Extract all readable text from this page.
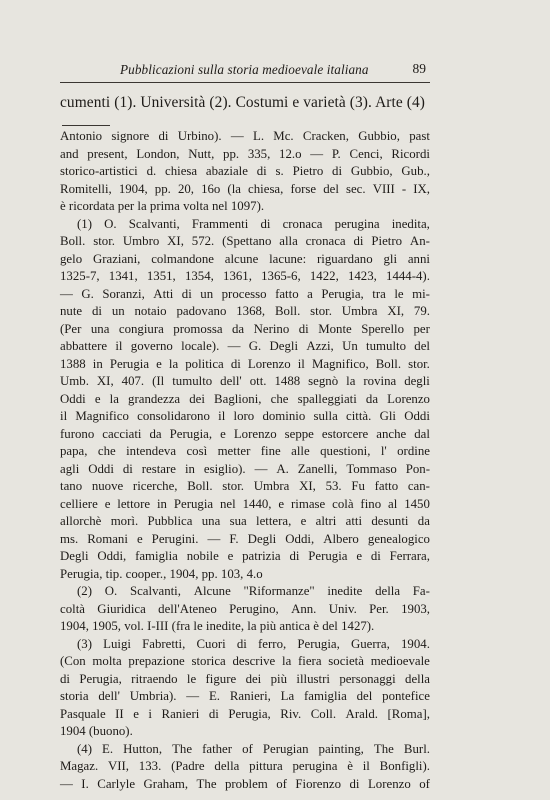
Pubblicazioni sulla storia medioevale italiana	89
cumenti (1). Università (2). Costumi e varietà (3). Arte (4)
Antonio signore di Urbino). — L. Mc. Cracken, Gubbio, past
and present, London, Nutt, pp. 335, 12.o — P. Cenci, Ricordi
storico-artistici d. chiesa abaziale di s. Pietro di Gubbio, Gub.,
Romitelli, 1904, pp. 20, 16o (la chiesa, forse del sec. VIII - IX,
è ricordata per la prima volta nel 1097).
(1) O. Scalvanti, Frammenti di cronaca perugina inedita,
Boll. stor. Umbro XI, 572. (Spettano alla cronaca di Pietro An-
gelo Graziani, colmandone alcune lacune: riguardano gli anni
1325-7, 1341, 1351, 1354, 1361, 1365-6, 1422, 1423, 1444-4).
— G. Soranzi, Atti di un processo fatto a Perugia, tra le mi-
nute di un notaio padovano 1368, Boll. stor. Umbra XI, 79.
(Per una congiura promossa da Nerino di Monte Sperello per
abbattere il governo locale). — G. Degli Azzi, Un tumulto del
1388 in Perugia e la politica di Lorenzo il Magnifico, Boll. stor.
Umb. XI, 407. (Il tumulto dell' ott. 1488 segnò la rovina degli
Oddi e la grandezza dei Baglioni, che spalleggiati da Lorenzo
il Magnifico consolidarono il loro dominio sulla città. Gli Oddi
furono cacciati da Perugia, e Lorenzo seppe estorcere anche dal
papa, che intendeva così metter fine alle questioni, l' ordine
agli Oddi di restare in esiglio). — A. Zanelli, Tommaso Pon-
tano nuove ricerche, Boll. stor. Umbra XI, 53. Fu fatto can-
celliere e lettore in Perugia nel 1440, e rimase colà fino al 1450
allorchè morì. Pubblica una sua lettera, e altri atti desunti da
ms. Romani e Perugini. — F. Degli Oddi, Albero genealogico
Degli Oddi, famiglia nobile e patrizia di Perugia e di Ferrara,
Perugia, tip. cooper., 1904, pp. 103, 4.o
(2) O. Scalvanti, Alcune "Riformanze" inedite della Fa-
coltà Giuridica dell'Ateneo Perugino, Ann. Univ. Per. 1903,
1904, 1905, vol. I-III (fra le inedite, la più antica è del 1427).
(3) Luigi Fabretti, Cuori di ferro, Perugia, Guerra, 1904.
(Con molta prepazione storica descrive la fiera società medioevale
di Perugia, ritraendo le figure dei più illustri personaggi della
storia dell' Umbria). — E. Ranieri, La famiglia del pontefice
Pasquale II e i Ranieri di Perugia, Riv. Coll. Arald. [Roma],
1904 (buono).
(4) E. Hutton, The father of Perugian painting, The Burl.
Magaz. VII, 133. (Padre della pittura perugina è il Bonfigli).
— I. Carlyle Graham, The problem of Fiorenzo di Lorenzo of
